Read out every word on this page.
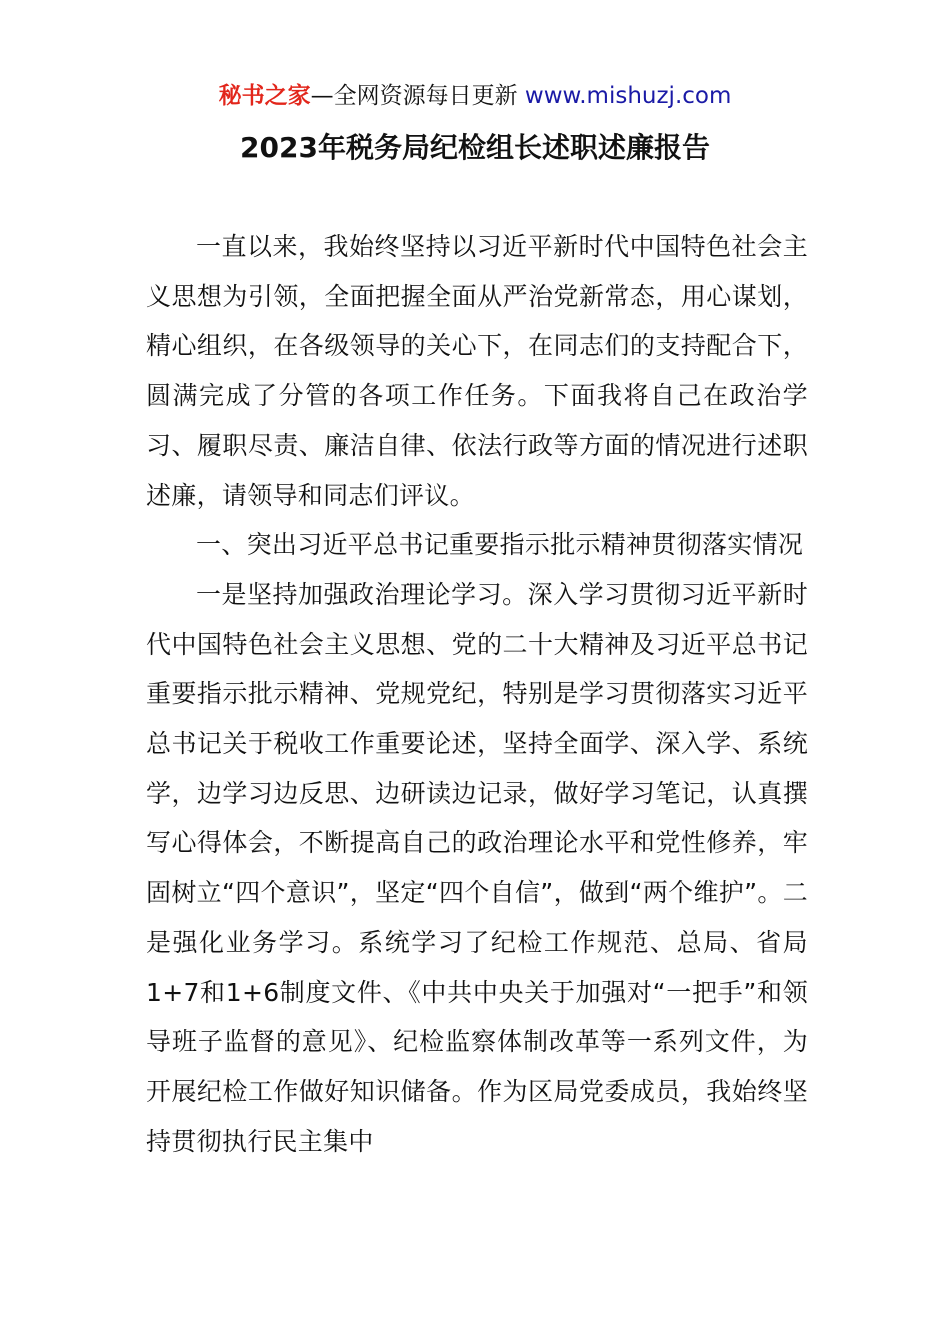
秘书之家—全网资源每日更新 www.mishuzj.com
2023年税务局纪检组长述职述廉报告

一直以来，我始终坚持以习近平新时代中国特色社会主义思想为引领，全面把握全面从严治党新常态，用心谋划，精心组织，在各级领导的关心下，在同志们的支持配合下，圆满完成了分管的各项工作任务。下面我将自己在政治学习、履职尽责、廉洁自律、依法行政等方面的情况进行述职述廉，请领导和同志们评议。

一、突出习近平总书记重要指示批示精神贯彻落实情况

一是坚持加强政治理论学习。深入学习贯彻习近平新时代中国特色社会主义思想、党的二十大精神及习近平总书记重要指示批示精神、党规党纪，特别是学习贯彻落实习近平总书记关于税收工作重要论述，坚持全面学、深入学、系统学，边学习边反思、边研读边记录，做好学习笔记，认真撰写心得体会，不断提高自己的政治理论水平和党性修养，牢固树立“四个意识”，坚定“四个自信”，做到“两个维护”。二是强化业务学习。系统学习了纪检工作规范、总局、省局1+7和1+6制度文件、《中共中央关于加强对“一把手”和领导班子监督的意见》、纪检监察体制改革等一系列文件，为开展纪检工作做好知识储备。作为区局党委成员，我始终坚持贯彻执行民主集中
